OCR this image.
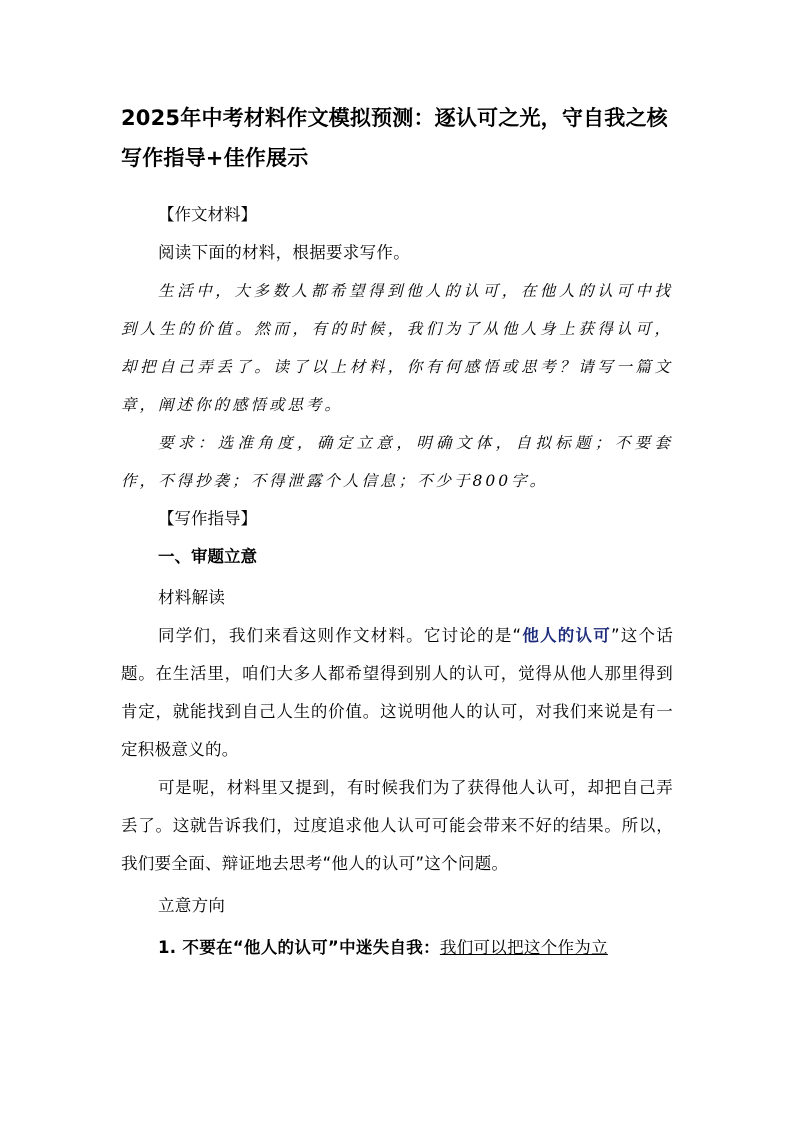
2025年中考材料作文模拟预测：逐认可之光，守自我之核写作指导+佳作展示

【作文材料】

阅读下面的材料，根据要求写作。

生活中，大多数人都希望得到他人的认可，在他人的认可中找到人生的价值。然而，有的时候，我们为了从他人身上获得认可，却把自己弄丢了。读了以上材料，你有何感悟或思考？请写一篇文章，阐述你的感悟或思考。

要求：选准角度，确定立意，明确文体，自拟标题；不要套作，不得抄袭；不得泄露个人信息；不少于800字。

【写作指导】

一、审题立意

材料解读

同学们，我们来看这则作文材料。它讨论的是“他人的认可”这个话题。在生活里，咱们大多人都希望得到别人的认可，觉得从他人那里得到肯定，就能找到自己人生的价值。这说明他人的认可，对我们来说是有一定积极意义的。

可是呢，材料里又提到，有时候我们为了获得他人认可，却把自己弄丢了。这就告诉我们，过度追求他人认可可能会带来不好的结果。所以，我们要全面、辩证地去思考“他人的认可”这个问题。

立意方向

1. 不要在“他人的认可”中迷失自我：我们可以把这个作为立
